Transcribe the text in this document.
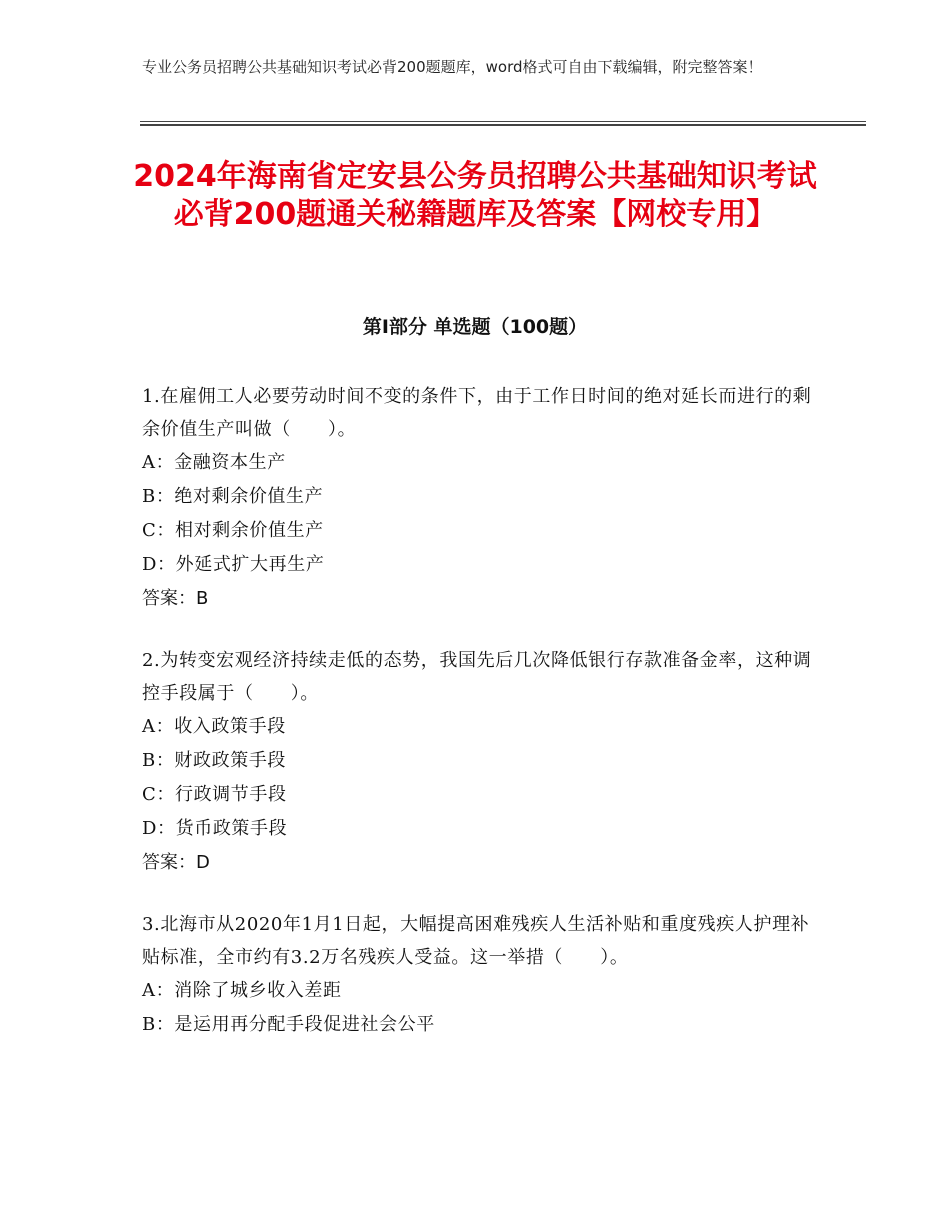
专业公务员招聘公共基础知识考试必背200题题库，word格式可自由下载编辑，附完整答案！
2024年海南省定安县公务员招聘公共基础知识考试必背200题通关秘籍题库及答案【网校专用】
第Ⅰ部分 单选题（100题）

1.在雇佣工人必要劳动时间不变的条件下，由于工作日时间的绝对延长而进行的剩余价值生产叫做（　　）。

A：金融资本生产

B：绝对剩余价值生产

C：相对剩余价值生产

D：外延式扩大再生产

答案：B

2.为转变宏观经济持续走低的态势，我国先后几次降低银行存款准备金率，这种调控手段属于（　　）。

A：收入政策手段

B：财政政策手段

C：行政调节手段

D：货币政策手段

答案：D

3.北海市从2020年1月1日起，大幅提高困难残疾人生活补贴和重度残疾人护理补贴标准，全市约有3.2万名残疾人受益。这一举措（　　）。

A：消除了城乡收入差距

B：是运用再分配手段促进社会公平
